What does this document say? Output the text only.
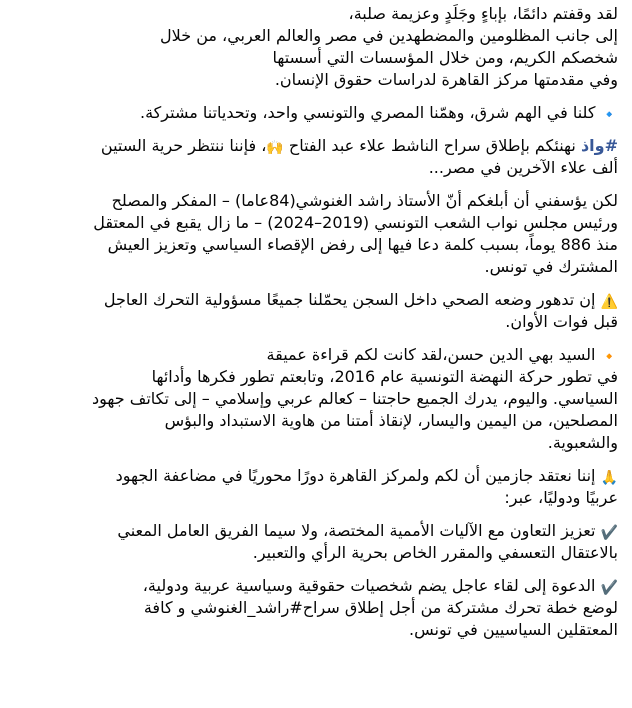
لقد وقفتم دائمًا، بإباءٍ وجَلَدٍ وعزيمة صلبة،
إلى جانب المظلومين والمضطهدين في مصر والعالم العربي، من خلال
شخصكم الكريم، ومن خلال المؤسسات التي أسستها
وفي مقدمتها مركز القاهرة لدراسات حقوق الإنسان.
🔹 كلنا في الهم شرق، وهمّنا المصري والتونسي واحد، وتحدياتنا مشتركة.
#واذ نهنئكم بإطلاق سراح الناشط علاء عبد الفتاح 🙌، فإننا ننتظر حرية الستين
ألف علاء الآخرين في مصر...
لكن يؤسفني أن أبلغكم أنّ الأستاذ راشد الغنوشي(84عاما) – المفكر والمصلح
ورئيس مجلس نواب الشعب التونسي (2019–2024) – ما زال يقبع في المعتقل
منذ 886 يوماً، بسبب كلمة دعا فيها إلى رفض الإقصاء السياسي وتعزيز العيش
المشترك في تونس.
⚠️ إن تدهور وضعه الصحي داخل السجن يحمّلنا جميعًا مسؤولية التحرك العاجل
قبل فوات الأوان.
🔸 السيد بهي الدين حسن،لقد كانت لكم قراءة عميقة
في تطور حركة النهضة التونسية عام 2016، وتابعتم تطور فكرها وأدائها
السياسي. واليوم، يدرك الجميع حاجتنا – كعالم عربي وإسلامي – إلى تكاتف جهود
المصلحين، من اليمين واليسار، لإنقاذ أمتنا من هاوية الاستبداد والبؤس
والشعبوية.
🙏 إننا نعتقد جازمين أن لكم ولمركز القاهرة دورًا محوريًا في مضاعفة الجهود
عربيًا ودوليًا، عبر:
✔️ تعزيز التعاون مع الآليات الأممية المختصة، ولا سيما الفريق العامل المعني
بالاعتقال التعسفي والمقرر الخاص بحرية الرأي والتعبير.
✔️ الدعوة إلى لقاء عاجل يضم شخصيات حقوقية وسياسية عربية ودولية،
لوضع خطة تحرك مشتركة من أجل إطلاق سراح#راشد_الغنوشي و كافة
المعتقلين السياسيين في تونس.
